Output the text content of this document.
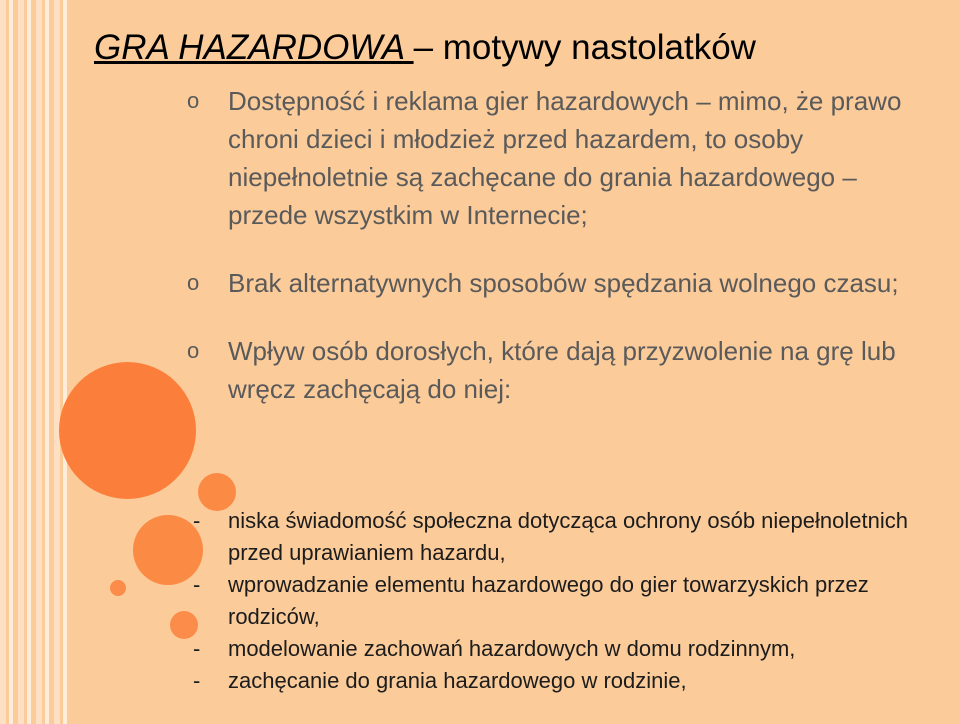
GRA HAZARDOWA – motywy nastolatków
o Dostępność i reklama gier hazardowych – mimo, że prawo chroni dzieci i młodzież przed hazardem, to osoby niepełnoletnie są zachęcane do grania hazardowego – przede wszystkim w Internecie;
o Brak alternatywnych sposobów spędzania wolnego czasu;
o Wpływ osób dorosłych, które dają przyzwolenie na grę lub wręcz zachęcają do niej:
- niska świadomość społeczna dotycząca ochrony osób niepełnoletnich przed uprawianiem hazardu,
- wprowadzanie elementu hazardowego do gier towarzyskich przez rodziców,
- modelowanie zachowań hazardowych w domu rodzinnym,
- zachęcanie do grania hazardowego w rodzinie,
